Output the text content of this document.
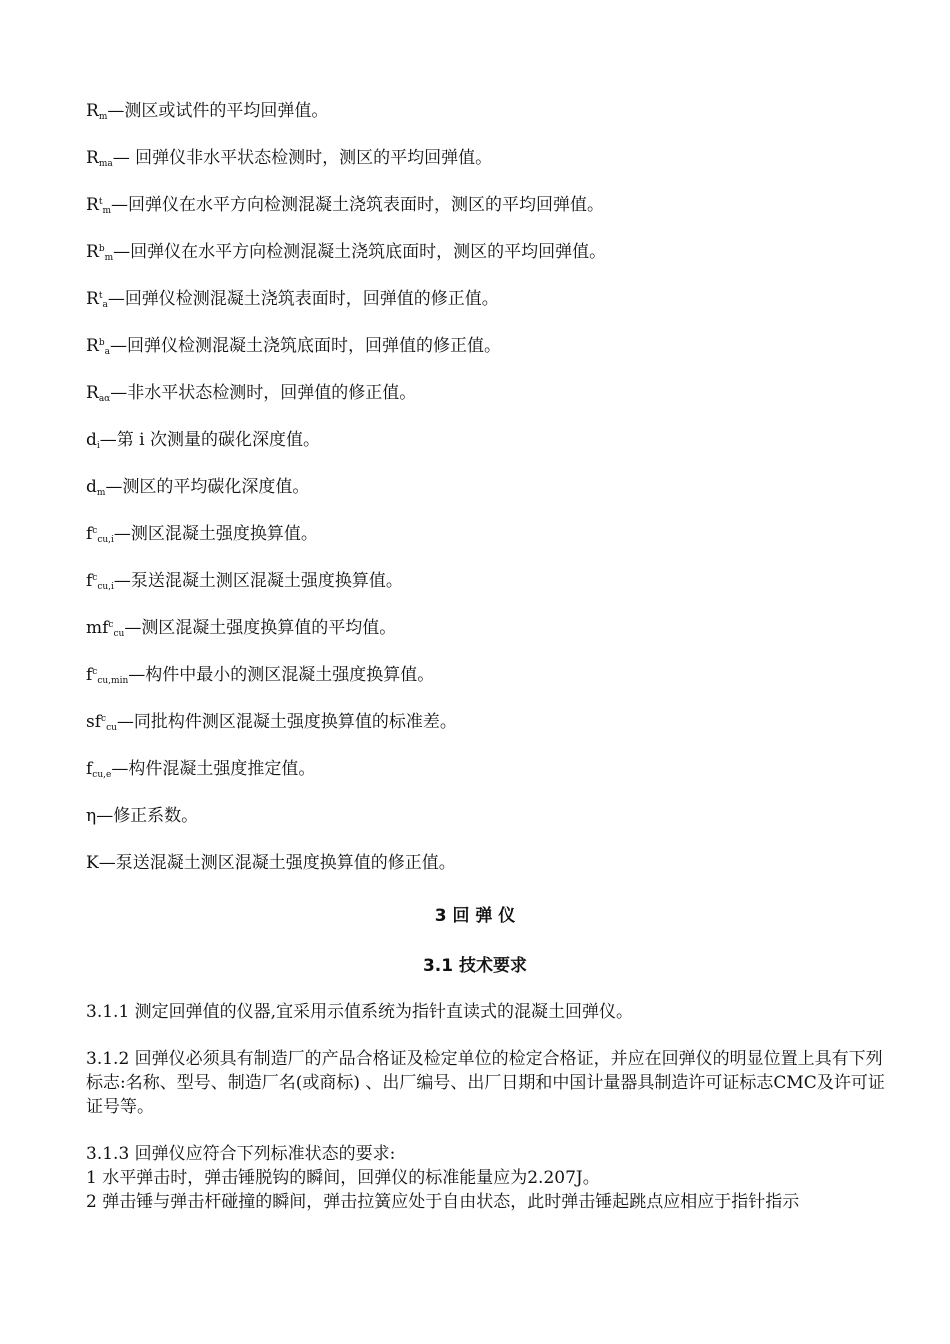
$R_m—$测区或试件的平均回弹值。
$R_{ma}—$ 回弹仪非水平状态检测时，测区的平均回弹值。
$R^t_m—$回弹仪在水平方向检测混凝土浇筑表面时，测区的平均回弹值。
$R^b_m—$回弹仪在水平方向检测混凝土浇筑底面时，测区的平均回弹值。
$R^t_a—$回弹仪检测混凝土浇筑表面时，回弹值的修正值。
$R^b_a—$回弹仪检测混凝土浇筑底面时，回弹值的修正值。
$R_{a\alpha}—$非水平状态检测时，回弹值的修正值。
$d_i—$第 i 次测量的碳化深度值。
$d_m—$测区的平均碳化深度值。
$f^c_{cu,i}—$测区混凝土强度换算值。
$f^c_{cu,i}—$泵送混凝土测区混凝土强度换算值。
$mf^c_{cu}—$测区混凝土强度换算值的平均值。
$f^c_{cu,min}—$构件中最小的测区混凝土强度换算值。
$sf^c_{cu}—$同批构件测区混凝土强度换算值的标准差。
$f_{cu,e}—$构件混凝土强度推定值。
η—修正系数。
K—泵送混凝土测区混凝土强度换算值的修正值。
3 回 弹 仪
3.1 技术要求
3.1.1 测定回弹值的仪器,宜采用示值系统为指针直读式的混凝土回弹仪。
3.1.2 回弹仪必须具有制造厂的产品合格证及检定单位的检定合格证，并应在回弹仪的明显位置上具有下列标志:名称、型号、制造厂名(或商标) 、出厂编号、出厂日期和中国计量器具制造许可证标志CMC及许可证证号等。
3.1.3 回弹仪应符合下列标准状态的要求:
1 水平弹击时，弹击锤脱钩的瞬间，回弹仪的标准能量应为2.207J。
2 弹击锤与弹击杆碰撞的瞬间，弹击拉簧应处于自由状态，此时弹击锤起跳点应相应于指针指示
